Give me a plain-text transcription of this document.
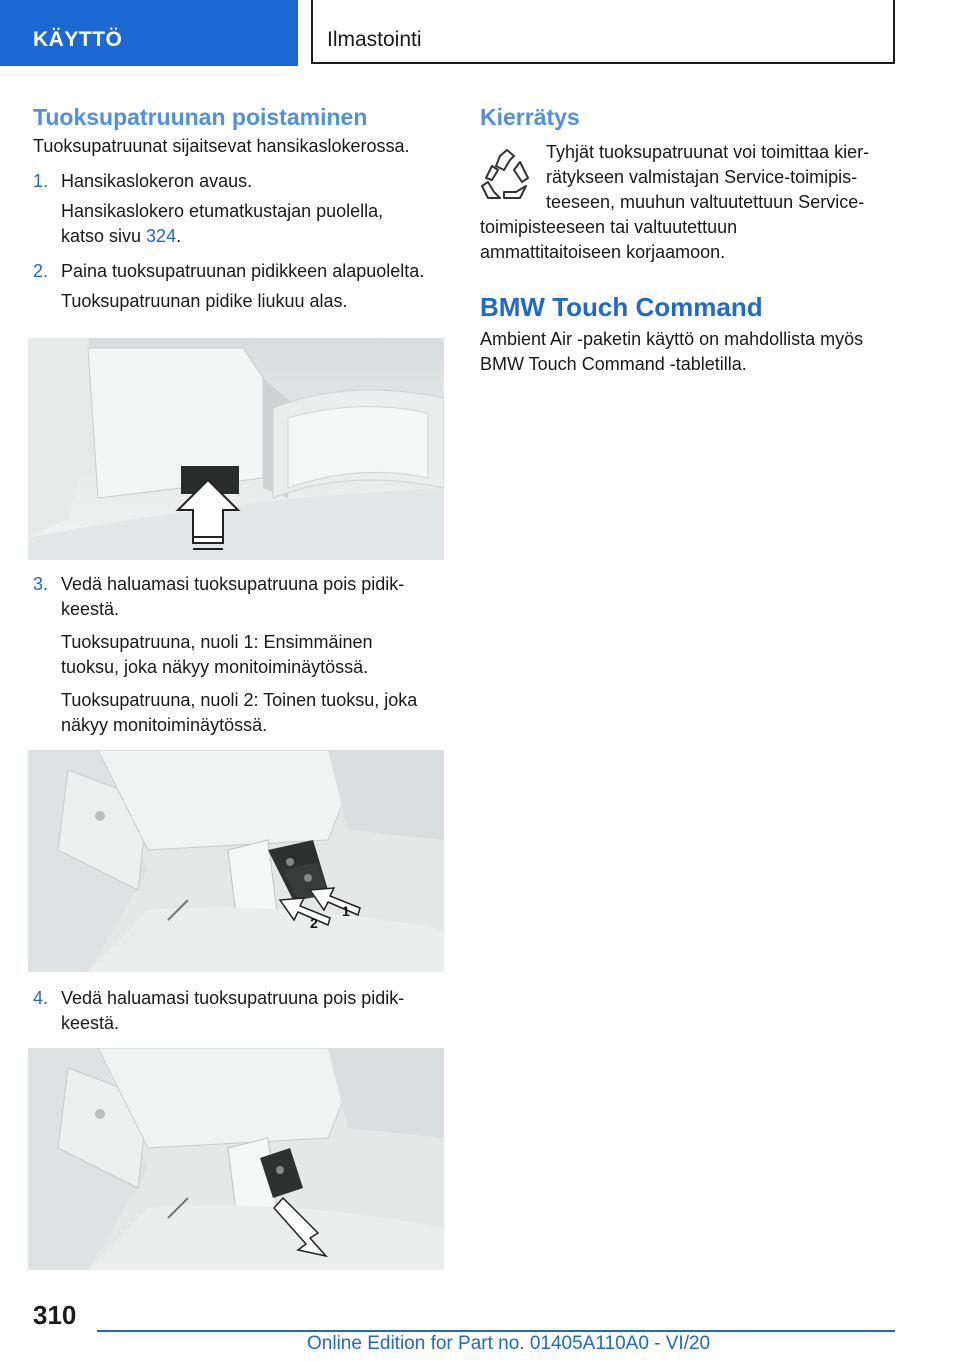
KÄYTTÖ	Ilmastointi
Tuoksupatruunan poistaminen

Tuoksupatruunat sijaitsevat hansikaslokerossa.

1. Hansikaslokeron avaus.
Hansikaslokero etumatkustajan puolella,
katso sivu 324.
2. Paina tuoksupatruunan pidikkeen alapuolelta.
Tuoksupatruunan pidike liukuu alas.
3. Vedä haluamasi tuoksupatruuna pois pidik-
keestä.
Tuoksupatruuna, nuoli 1: Ensimmäinen
tuoksu, joka näkyy monitoiminäytössä.
Tuoksupatruuna, nuoli 2: Toinen tuoksu, joka
näkyy monitoiminäytössä.
2
1
4. Vedä haluamasi tuoksupatruuna pois pidik-
keestä.
Kierrätys

Tyhjät tuoksupatruunat voi toimittaa kier-

rätykseen valmistajan Service-toimipis-

teeseen, muuhun valtuutettuun Service-

toimipisteeseen tai valtuutettuun

ammattitaitoiseen korjaamoon.

BMW Touch Command

Ambient Air -paketin käyttö on mahdollista myös

BMW Touch Command -tabletilla.

310
Online Edition for Part no. 01405A110A0 - VI/20
